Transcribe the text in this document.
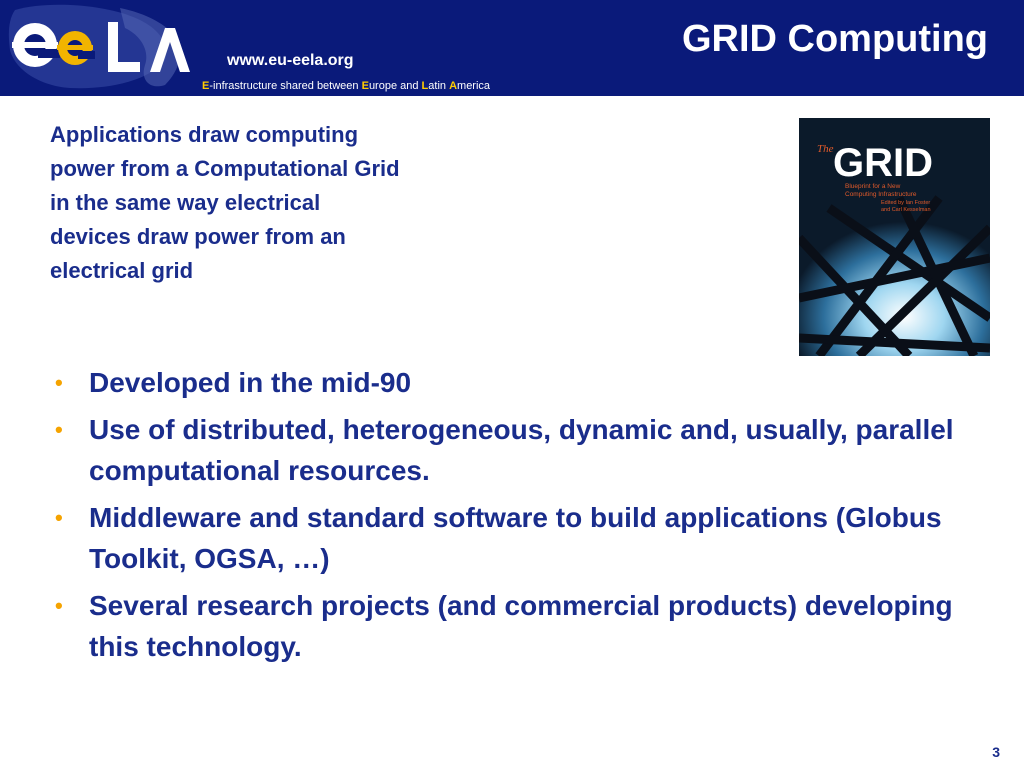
www.eu-eela.org
E-infrastructure shared between Europe and Latin America
GRID Computing

Applications draw computing
power from a Computational Grid
in the same way electrical
devices draw power from an
electrical grid

The GRID
Blueprint for a New
Computing Infrastructure
Edited by Ian Foster
and Carl Kesselman
• Developed in the mid-90
• Use of distributed, heterogeneous, dynamic and, usually, parallel computational resources.
• Middleware and standard software to build applications (Globus Toolkit, OGSA, …)
• Several research projects (and commercial products) developing this technology.
3
